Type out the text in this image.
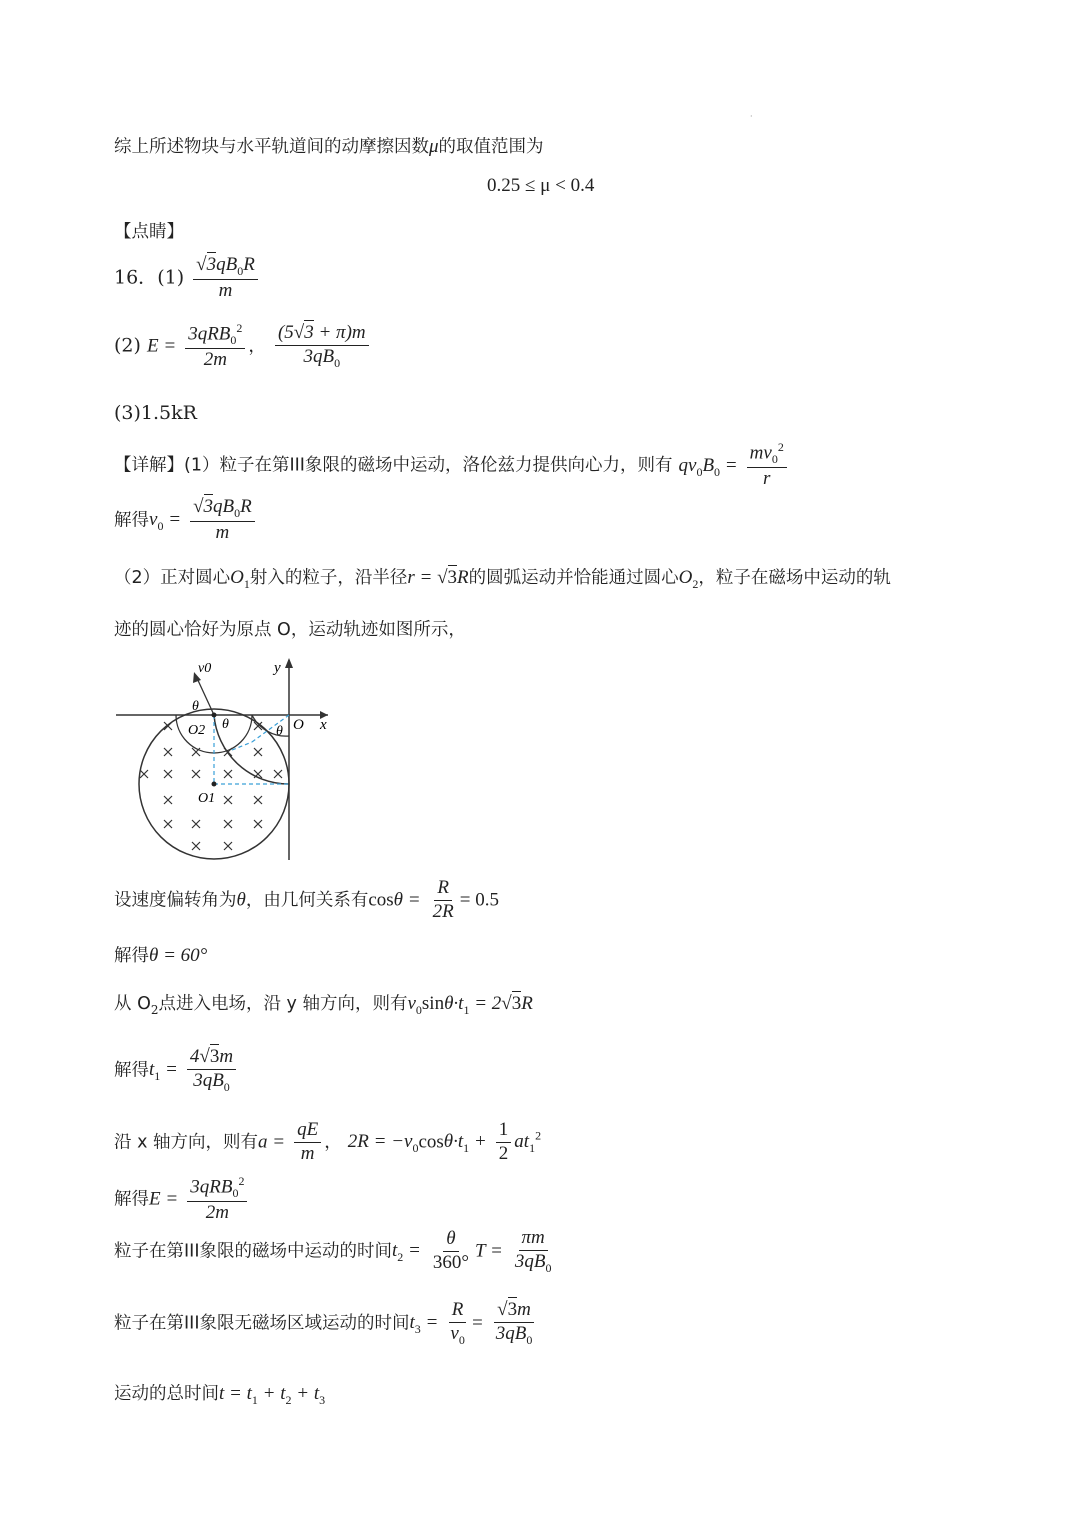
·
综上所述物块与水平轨道间的动摩擦因数μ的取值范围为
0.25 ≤ μ < 0.4
【点睛】
16．$(1) \frac{√3qB_0R}{m}$
(2) $E = \frac{3qRB_0^2}{2m}$ ， $\frac{(5√3 + \pi)m}{3qB_0}$
(3)1.5kR
【详解】(1）粒子在第III象限的磁场中运动，洛伦兹力提供向心力，则有 $qv_0B_0 = \frac{mv_0^2}{r}$
解得$v_0 = \frac{√3qB_0R}{m}$
（2）正对圆心$O_1$射入的粒子，沿半径r = √3R的圆弧运动并恰能通过圆心$O_2$，粒子在磁场中运动的轨
迹的圆心恰好为原点 O，运动轨迹如图所示，
v0	y
θ
O2 θ	θ O x
O1
设速度偏转角为θ，由几何关系有$\cos\theta = \frac{R}{2R} = 0.5$
解得θ = 60°
从 $O_2$点进入电场，沿 y 轴方向，则有$v_0\sin\theta\cdot t_1 = 2√3R$
解得$t_1 = \frac{4√3m}{3qB_0}$
沿 x 轴方向，则有$a = \frac{qE}{m}$ ， $2R = -v_0\cos\theta\cdot t_1 + \frac{1}{2} at_1^2$
解得$E = \frac{3qRB_0^2}{2m}$
粒子在第III象限的磁场中运动的时间$t_2 = \frac{\theta}{360^\circ}$ $T = \frac{\pi m}{3qB_0}$
粒子在第III象限无磁场区域运动的时间$t_3 = \frac{R}{v_0} = \frac{√3m}{3qB_0}$
运动的总时间$t = t_1 + t_2 + t_3$
